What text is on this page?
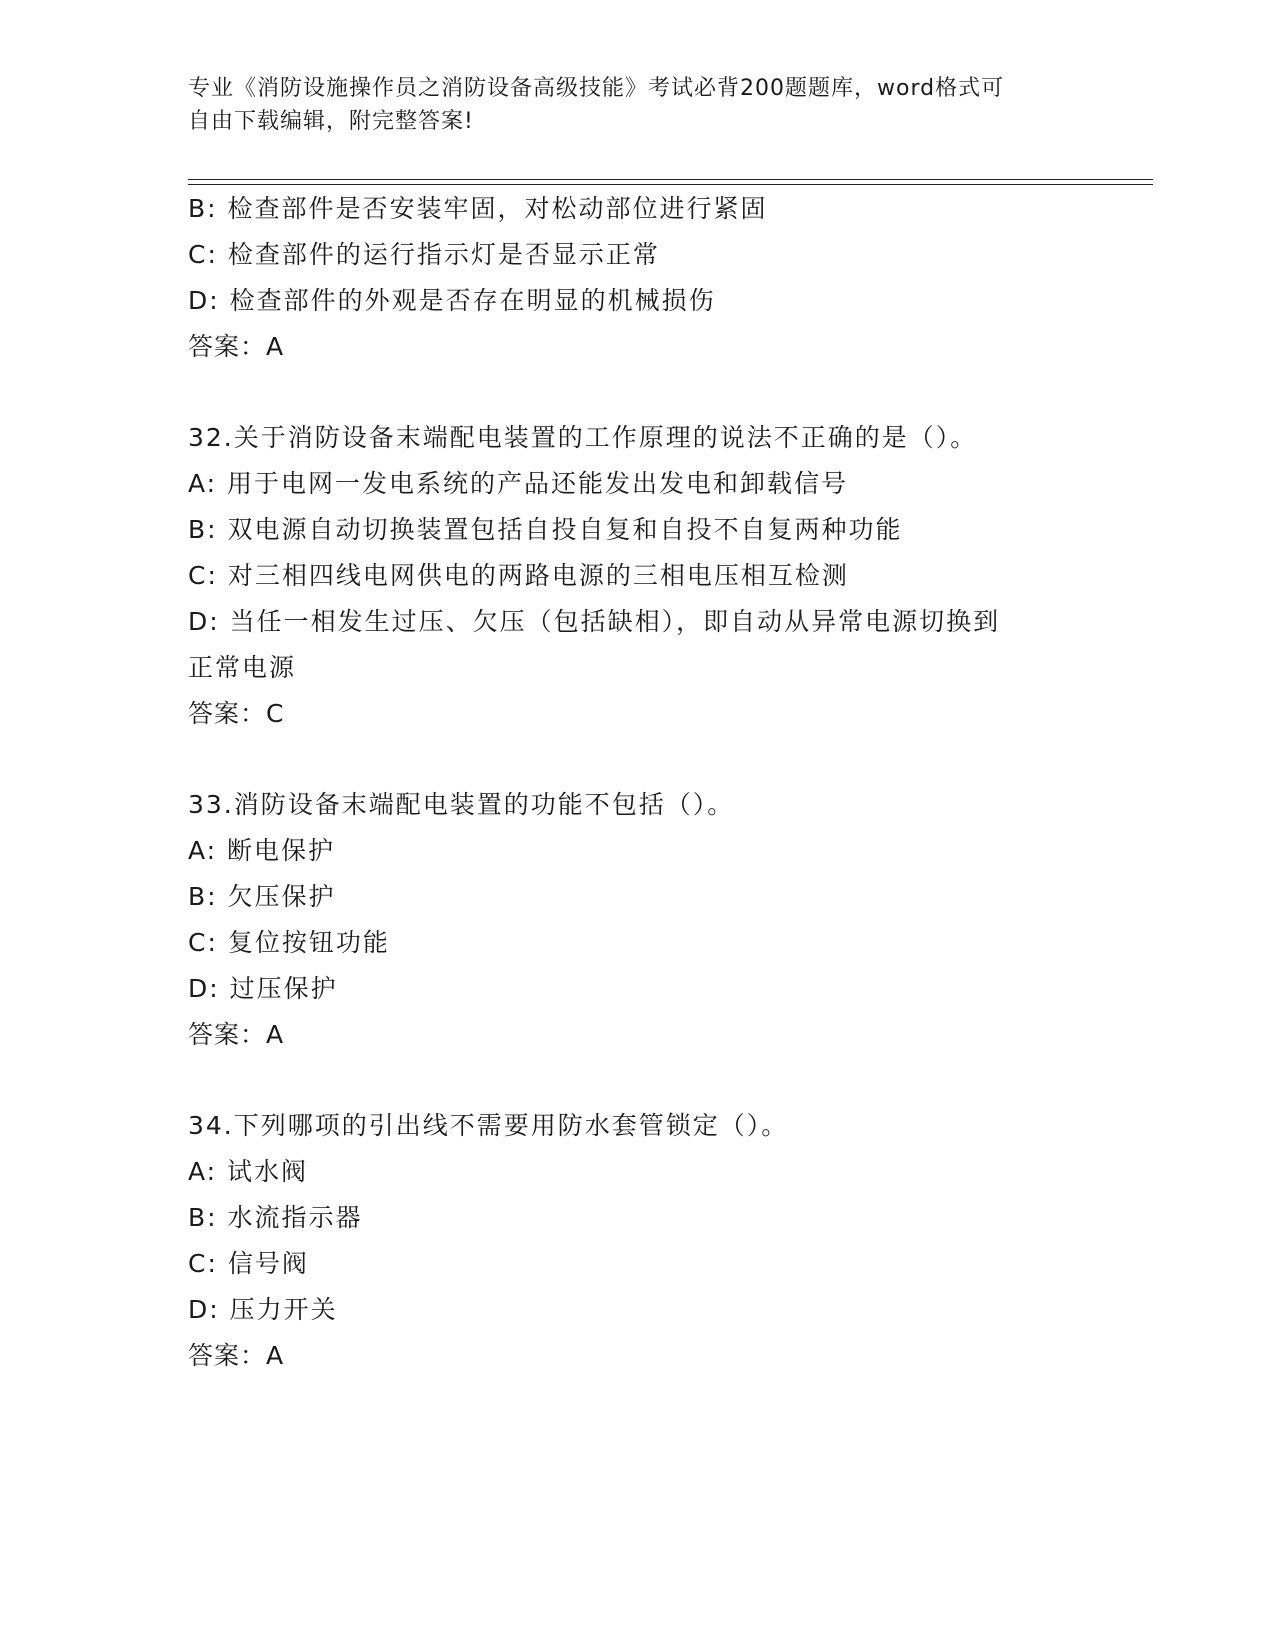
专业《消防设施操作员之消防设备高级技能》考试必背200题题库，word格式可
自由下载编辑，附完整答案!
B: 检查部件是否安装牢固，对松动部位进行紧固
C: 检查部件的运行指示灯是否显示正常
D: 检查部件的外观是否存在明显的机械损伤
答案：A
32.关于消防设备末端配电装置的工作原理的说法不正确的是（）。
A: 用于电网一发电系统的产品还能发出发电和卸载信号
B: 双电源自动切换装置包括自投自复和自投不自复两种功能
C: 对三相四线电网供电的两路电源的三相电压相互检测
D: 当任一相发生过压、欠压（包括缺相），即自动从异常电源切换到
正常电源
答案：C
33.消防设备末端配电装置的功能不包括（）。
A: 断电保护
B: 欠压保护
C: 复位按钮功能
D: 过压保护
答案：A
34.下列哪项的引出线不需要用防水套管锁定（）。
A: 试水阀
B: 水流指示器
C: 信号阀
D: 压力开关
答案：A
